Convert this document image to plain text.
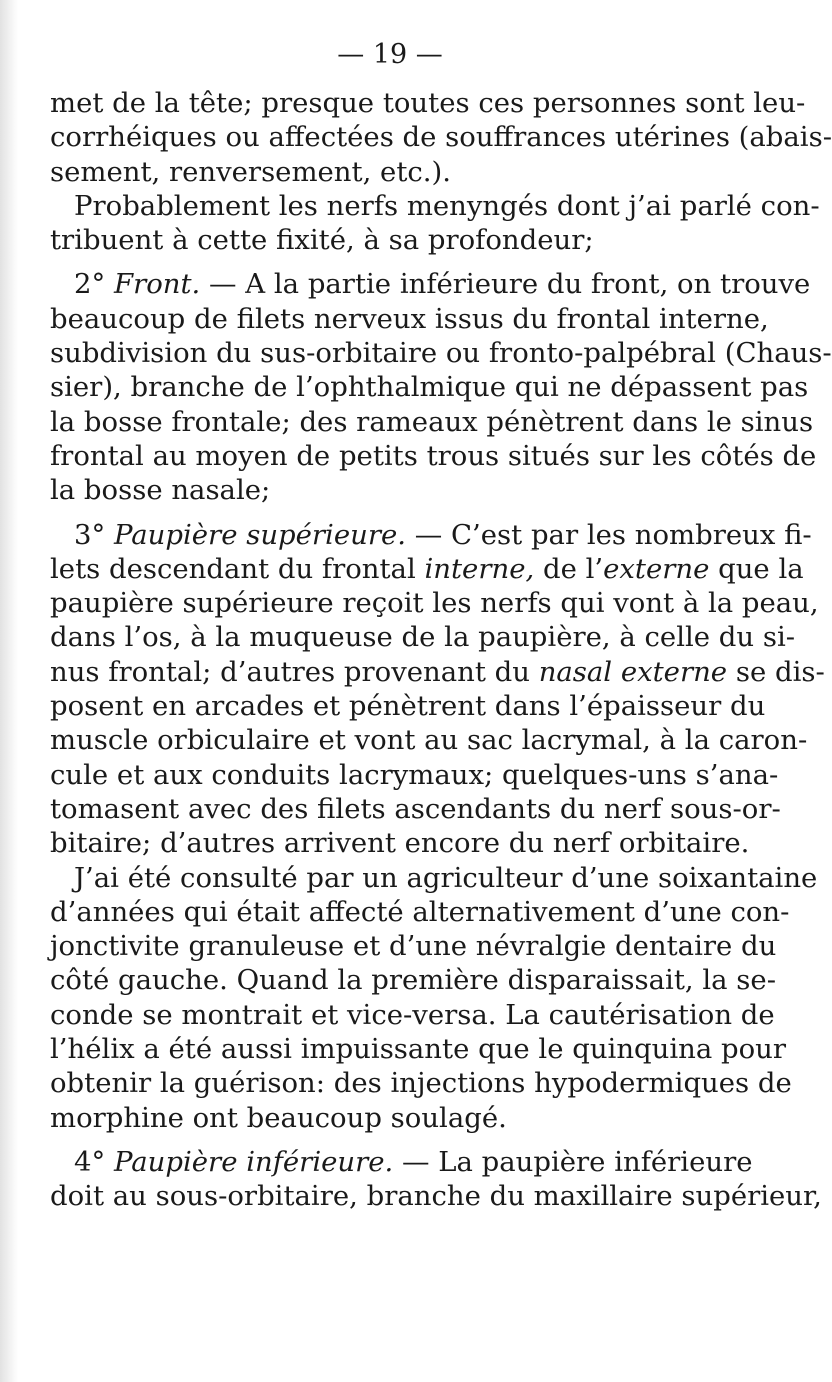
— 19 —
met de la tête; presque toutes ces personnes sont leu-
corrhéiques ou affectées de souffrances utérines (abais-
sement, renversement, etc.).
Probablement les nerfs menyngés dont j’ai parlé con-
tribuent à cette fixité, à sa profondeur;
2° Front. — A la partie inférieure du front, on trouve
beaucoup de filets nerveux issus du frontal interne,
subdivision du sus-orbitaire ou fronto-palpébral (Chaus-
sier), branche de l’ophthalmique qui ne dépassent pas
la bosse frontale; des rameaux pénètrent dans le sinus
frontal au moyen de petits trous situés sur les côtés de
la bosse nasale;
3° Paupière supérieure. — C’est par les nombreux fi-
lets descendant du frontal interne, de l’externe que la
paupière supérieure reçoit les nerfs qui vont à la peau,
dans l’os, à la muqueuse de la paupière, à celle du si-
nus frontal; d’autres provenant du nasal externe se dis-
posent en arcades et pénètrent dans l’épaisseur du
muscle orbiculaire et vont au sac lacrymal, à la caron-
cule et aux conduits lacrymaux; quelques-uns s’ana-
tomasent avec des filets ascendants du nerf sous-or-
bitaire; d’autres arrivent encore du nerf orbitaire.
J’ai été consulté par un agriculteur d’une soixantaine
d’années qui était affecté alternativement d’une con-
jonctivite granuleuse et d’une névralgie dentaire du
côté gauche. Quand la première disparaissait, la se-
conde se montrait et vice-versa. La cautérisation de
l’hélix a été aussi impuissante que le quinquina pour
obtenir la guérison: des injections hypodermiques de
morphine ont beaucoup soulagé.
4° Paupière inférieure. — La paupière inférieure
doit au sous-orbitaire, branche du maxillaire supérieur,
